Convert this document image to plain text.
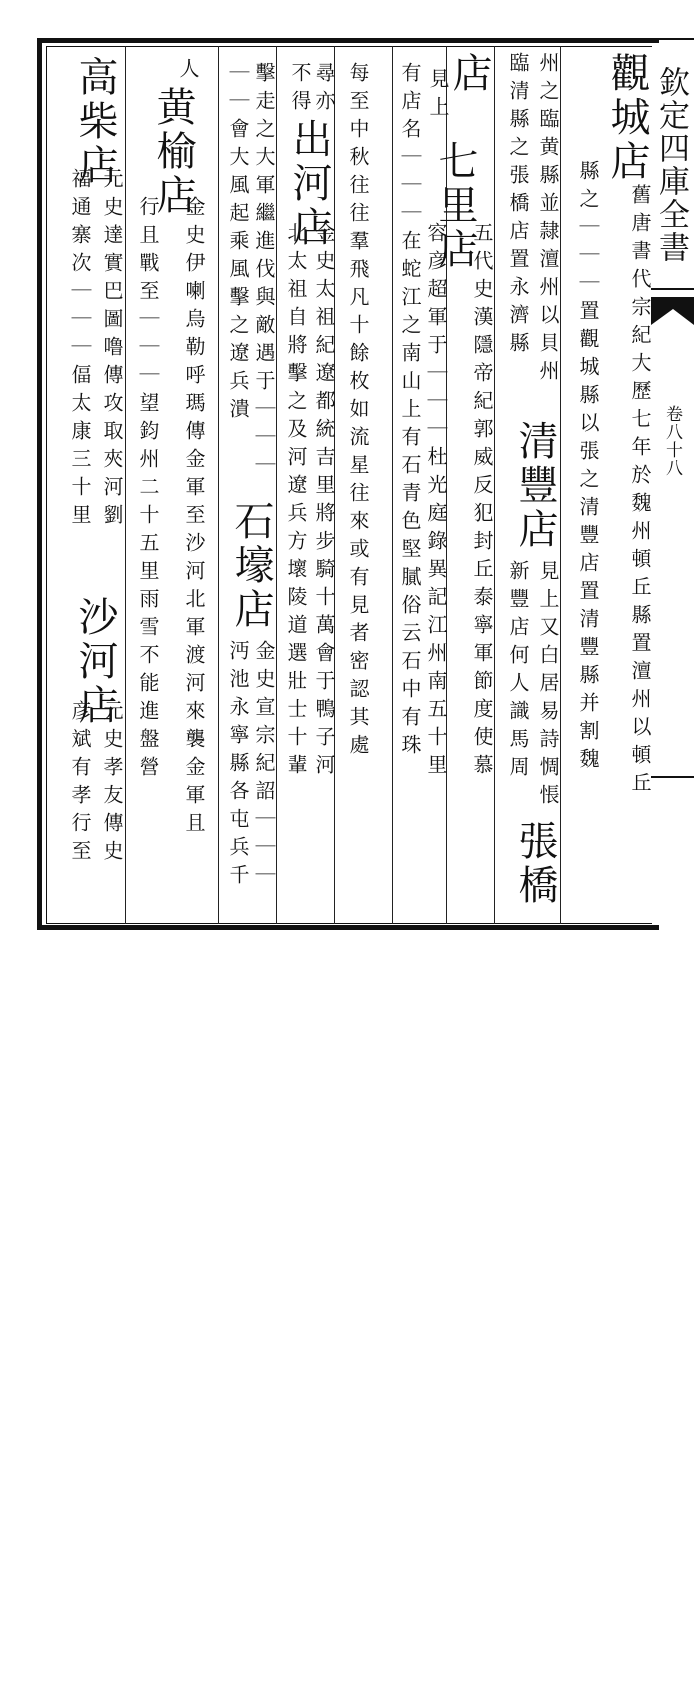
欽定四庫全書
卷八十八
觀城店
舊唐書代宗紀大歷七年於魏州頓丘縣置澶州以頓丘
縣之｜｜｜置觀城縣以張之清豐店置清豐縣并割魏
州之臨黄縣並隷澶州以貝州
臨清縣之張橋店置永濟縣
清豐店
見上又白居易詩惆悵
新豐店何人識馬周
張橋
店
見上
七里店
五代史漢隱帝紀郭威反犯封丘泰寧軍節度使慕
容彦超軍于｜｜｜杜光庭錄異記江州南五十里
有店名｜｜｜在蛇江之南山上有石青色堅膩俗云石中有珠
每至中秋往往羣飛凡十餘枚如流星往來或有見者密認其處
尋亦
不得
出河店
金史太祖紀遼都統吉里將步騎十萬會于鴨子河
北太祖自將擊之及河遼兵方壞陵道選壯士十輩
擊走之大軍繼進伐與敵遇于｜｜｜
｜｜會大風起乘風擊之遼兵潰
石壕店
金史宣宗紀詔｜｜｜
沔池永寧縣各屯兵千
人
黄榆店
金史伊喇烏勒呼瑪傳金軍至沙河北軍渡河來襲金軍且
行且戰至｜｜｜望鈞州二十五里雨雪不能進盤營
高柴店
元史達實巴圖噜傳攻取夾河劉
福通寨次｜｜｜偪太康三十里
沙河店
元史孝友傳史
彦斌有孝行至
